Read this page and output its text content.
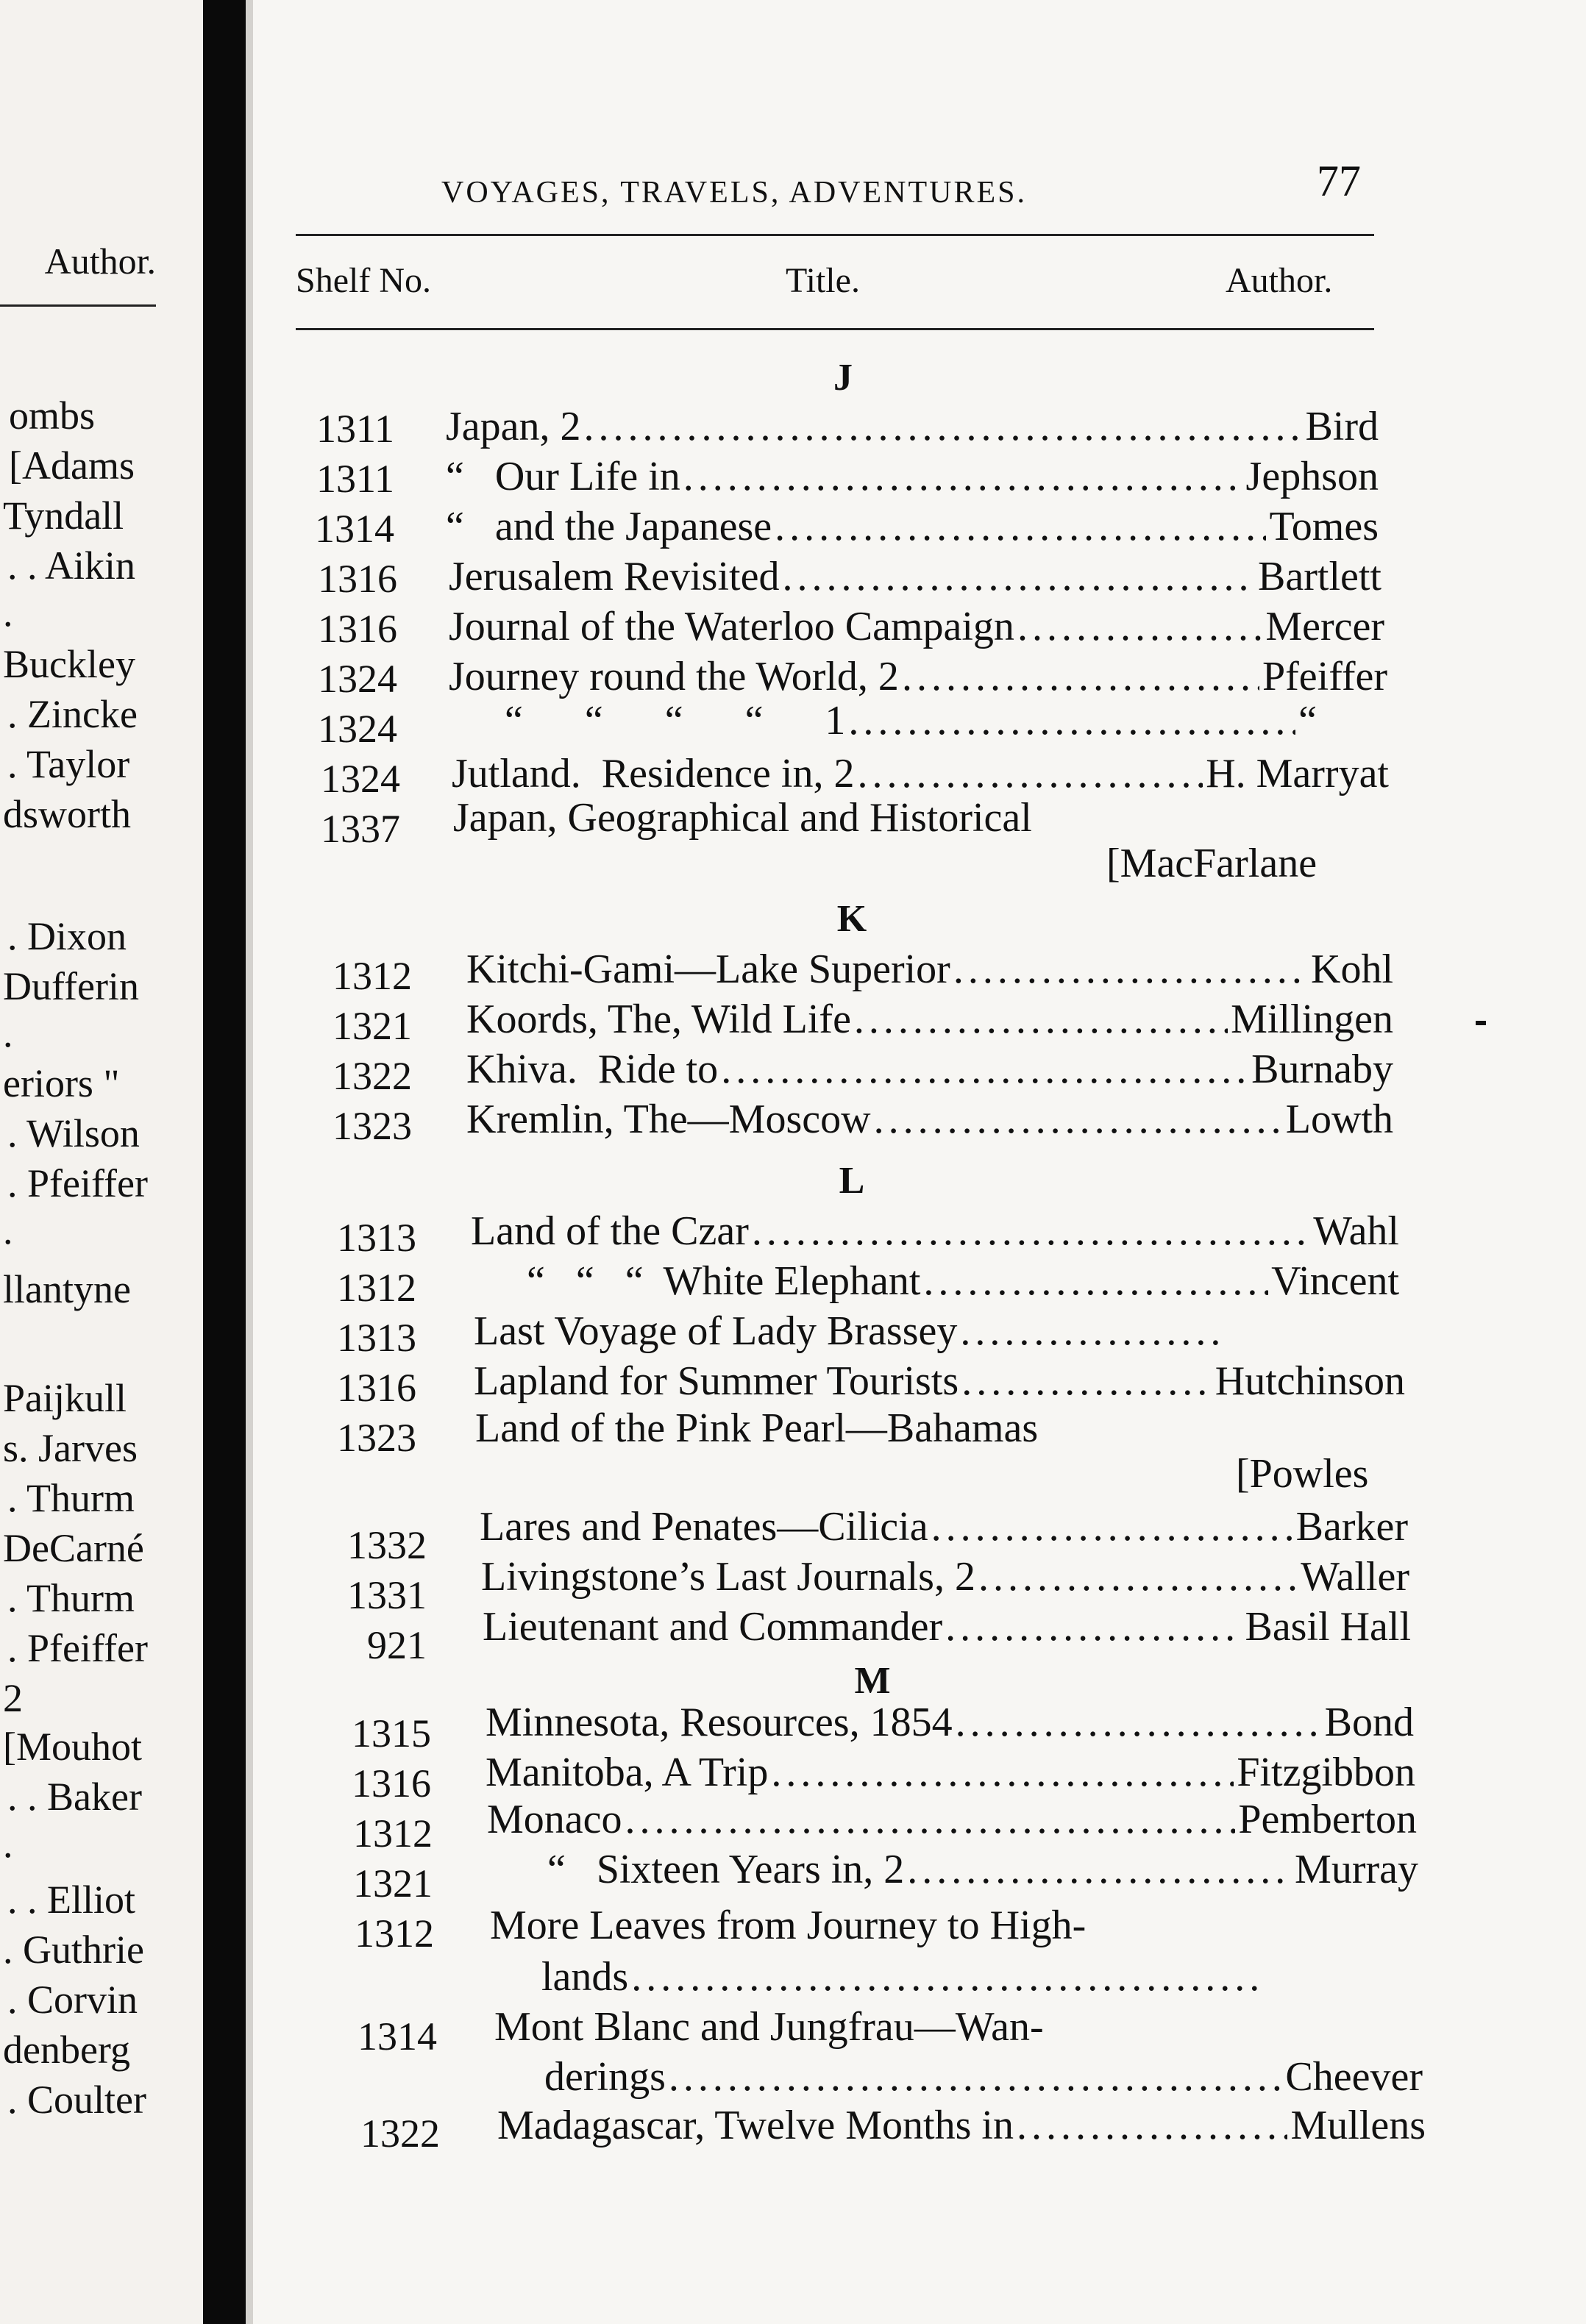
Author.
ombs
[Adams
Tyndall
. . Aikin
.
Buckley
. Zincke
. Taylor
dsworth
. Dixon
Dufferin
.
eriors "
. Wilson
. Pfeiffer
.
llantyne
Paijkull
s. Jarves
. Thurm
DeCarné
. Thurm
. Pfeiffer
2
[Mouhot
. . Baker
.
. . Elliot
. Guthrie
. Corvin
denberg
. Coulter
VOYAGES, TRAVELS, ADVENTURES.	77
Shelf No.	Title.	Author.
J
1311 Japan, 2 .....	Bird
1311 “   Our Life in .....	Jephson
1314 “   and the Japanese .....	Tomes
1316 Jerusalem Revisited .....	Bartlett
1316 Journal of the Waterloo Campaign .....	Mercer
1324 Journey round the World, 2 .....	Pfeiffer
1324	“      “      “      “      1 .....	“
1324 Jutland.  Residence in, 2 .....	H. Marryat
1337 Japan, Geographical and Historical
[MacFarlane
K
1312 Kitchi-Gami—Lake Superior .....	Kohl
1321 Koords, The, Wild Life .....	Millingen
1322 Khiva.  Ride to .....	Burnaby
1323 Kremlin, The—Moscow .....	Lowth
L
1313 Land of the Czar .....	Wahl
1312	“   “   “  White Elephant .....	Vincent
1313 Last Voyage of Lady Brassey
.....
1316 Lapland for Summer Tourists .....	Hutchinson
1323 Land of the Pink Pearl—Bahamas
[Powles
1332 Lares and Penates—Cilicia .....	Barker
1331 Livingstone’s Last Journals, 2 .....	Waller
921 Lieutenant and Commander .....	Basil Hall
M
1315 Minnesota, Resources, 1854 .....	Bond
1316 Manitoba, A Trip .....	Fitzgibbon
1312 Monaco .....	Pemberton
1321	“   Sixteen Years in, 2 .....	Murray
1312 More Leaves from Journey to High-
lands
.....
1314 Mont Blanc and Jungfrau—Wan-
derings .....	Cheever
1322 Madagascar, Twelve Months in .....	Mullens
